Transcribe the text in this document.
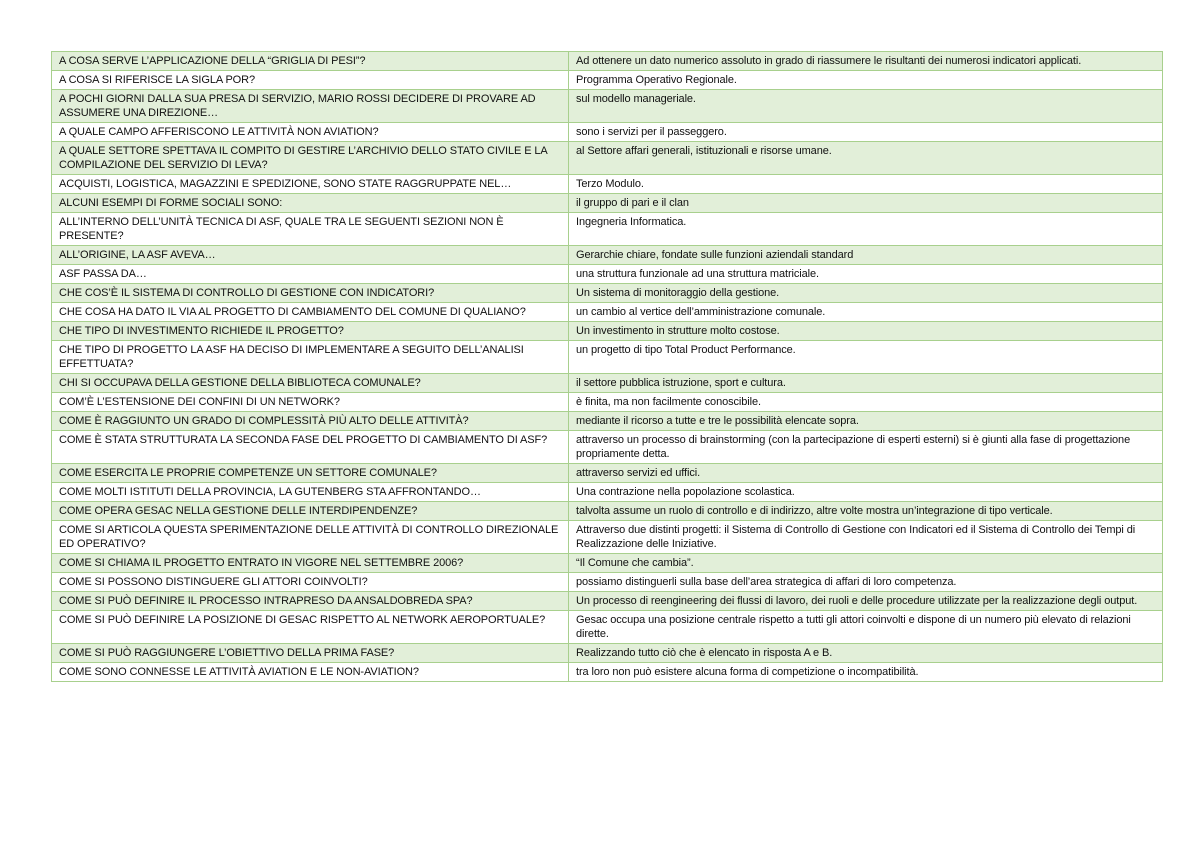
A COSA SERVE L’APPLICAZIONE DELLA “GRIGLIA DI PESI”?	Ad ottenere un dato numerico assoluto in grado di riassumere le risultanti dei numerosi indicatori applicati.
A COSA SI RIFERISCE LA SIGLA POR?	Programma Operativo Regionale.
A POCHI GIORNI DALLA SUA PRESA DI SERVIZIO, MARIO ROSSI DECIDERE DI PROVARE AD ASSUMERE UNA DIREZIONE…	sul modello manageriale.
A QUALE CAMPO AFFERISCONO LE ATTIVITÀ NON AVIATION?	sono i servizi per il passeggero.
A QUALE SETTORE SPETTAVA IL COMPITO DI GESTIRE L’ARCHIVIO DELLO STATO CIVILE E LA COMPILAZIONE DEL SERVIZIO DI LEVA?	al Settore affari generali, istituzionali e risorse umane.
ACQUISTI, LOGISTICA, MAGAZZINI E SPEDIZIONE, SONO STATE RAGGRUPPATE NEL…	Terzo Modulo.
ALCUNI ESEMPI DI FORME SOCIALI SONO:	il gruppo di pari e il clan
ALL’INTERNO DELL’UNITÀ TECNICA DI ASF, QUALE TRA LE SEGUENTI SEZIONI NON È PRESENTE?	Ingegneria Informatica.
ALL’ORIGINE, LA ASF AVEVA…	Gerarchie chiare, fondate sulle funzioni aziendali standard
ASF PASSA DA…	una struttura funzionale ad una struttura matriciale.
CHE COS’È IL SISTEMA DI CONTROLLO DI GESTIONE CON INDICATORI?	Un sistema di monitoraggio della gestione.
CHE COSA HA DATO IL VIA AL PROGETTO DI CAMBIAMENTO DEL COMUNE DI QUALIANO?	un cambio al vertice dell’amministrazione comunale.
CHE TIPO DI INVESTIMENTO RICHIEDE IL PROGETTO?	Un investimento in strutture molto costose.
CHE TIPO DI PROGETTO LA ASF HA DECISO DI IMPLEMENTARE A SEGUITO DELL’ANALISI EFFETTUATA?	un progetto di tipo Total Product Performance.
CHI SI OCCUPAVA DELLA GESTIONE DELLA BIBLIOTECA COMUNALE?	il settore pubblica istruzione, sport e cultura.
COM’È L’ESTENSIONE DEI CONFINI DI UN NETWORK?	è finita, ma non facilmente conoscibile.
COME È RAGGIUNTO UN GRADO DI COMPLESSITÀ PIÙ ALTO DELLE ATTIVITÀ?	mediante il ricorso a tutte e tre le possibilità elencate sopra.
COME È STATA STRUTTURATA LA SECONDA FASE DEL PROGETTO DI CAMBIAMENTO DI ASF?	attraverso un processo di brainstorming (con la partecipazione di esperti esterni) si è giunti alla fase di progettazione propriamente detta.
COME ESERCITA LE PROPRIE COMPETENZE UN SETTORE COMUNALE?	attraverso servizi ed uffici.
COME MOLTI ISTITUTI DELLA PROVINCIA, LA GUTENBERG STA AFFRONTANDO…	Una contrazione nella popolazione scolastica.
COME OPERA GESAC NELLA GESTIONE DELLE INTERDIPENDENZE?	talvolta assume un ruolo di controllo e di indirizzo, altre volte mostra un’integrazione di tipo verticale.
COME SI ARTICOLA QUESTA SPERIMENTAZIONE DELLE ATTIVITÀ DI CONTROLLO DIREZIONALE ED OPERATIVO?	Attraverso due distinti progetti: il Sistema di Controllo di Gestione con Indicatori ed il Sistema di Controllo dei Tempi di Realizzazione delle Iniziative.
COME SI CHIAMA IL PROGETTO ENTRATO IN VIGORE NEL SETTEMBRE 2006?	“Il Comune che cambia”.
COME SI POSSONO DISTINGUERE GLI ATTORI COINVOLTI?	possiamo distinguerli sulla base dell’area strategica di affari di loro competenza.
COME SI PUÒ DEFINIRE IL PROCESSO INTRAPRESO DA ANSALDOBREDA SPA?	Un processo di reengineering dei flussi di lavoro, dei ruoli e delle procedure utilizzate per la realizzazione degli output.
COME SI PUÒ DEFINIRE LA POSIZIONE DI GESAC RISPETTO AL NETWORK AEROPORTUALE?	Gesac occupa una posizione centrale rispetto a tutti gli attori coinvolti e dispone di un numero più elevato di relazioni dirette.
COME SI PUÒ RAGGIUNGERE L’OBIETTIVO DELLA PRIMA FASE?	Realizzando tutto ciò che è elencato in risposta A e B.
COME SONO CONNESSE LE ATTIVITÀ AVIATION E LE NON-AVIATION?	tra loro non può esistere alcuna forma di competizione o incompatibilità.
